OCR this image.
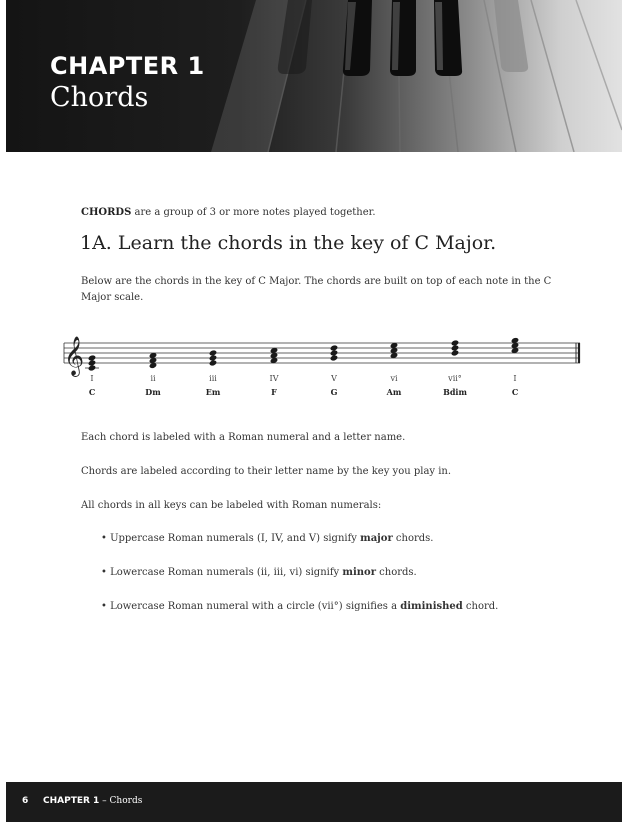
CHAPTER 1
Chords
CHORDS are a group of 3 or more notes played together.
1A. Learn the chords in the key of C Major.
Below are the chords in the key of C Major. The chords are built on top of each note in the C Major scale.
𝄞
I
C
ii
Dm
iii
Em
IV
F
V
G
vi
Am
vii°
Bdim
I
C
Each chord is labeled with a Roman numeral and a letter name.
Chords are labeled according to their letter name by the key you play in.
All chords in all keys can be labeled with Roman numerals:
• Uppercase Roman numerals (I, IV, and V) signify major chords.
• Lowercase Roman numerals (ii, iii, vi) signify minor chords.
• Lowercase Roman numeral with a circle (vii°) signifies a diminished chord.
6 CHAPTER 1 – Chords
